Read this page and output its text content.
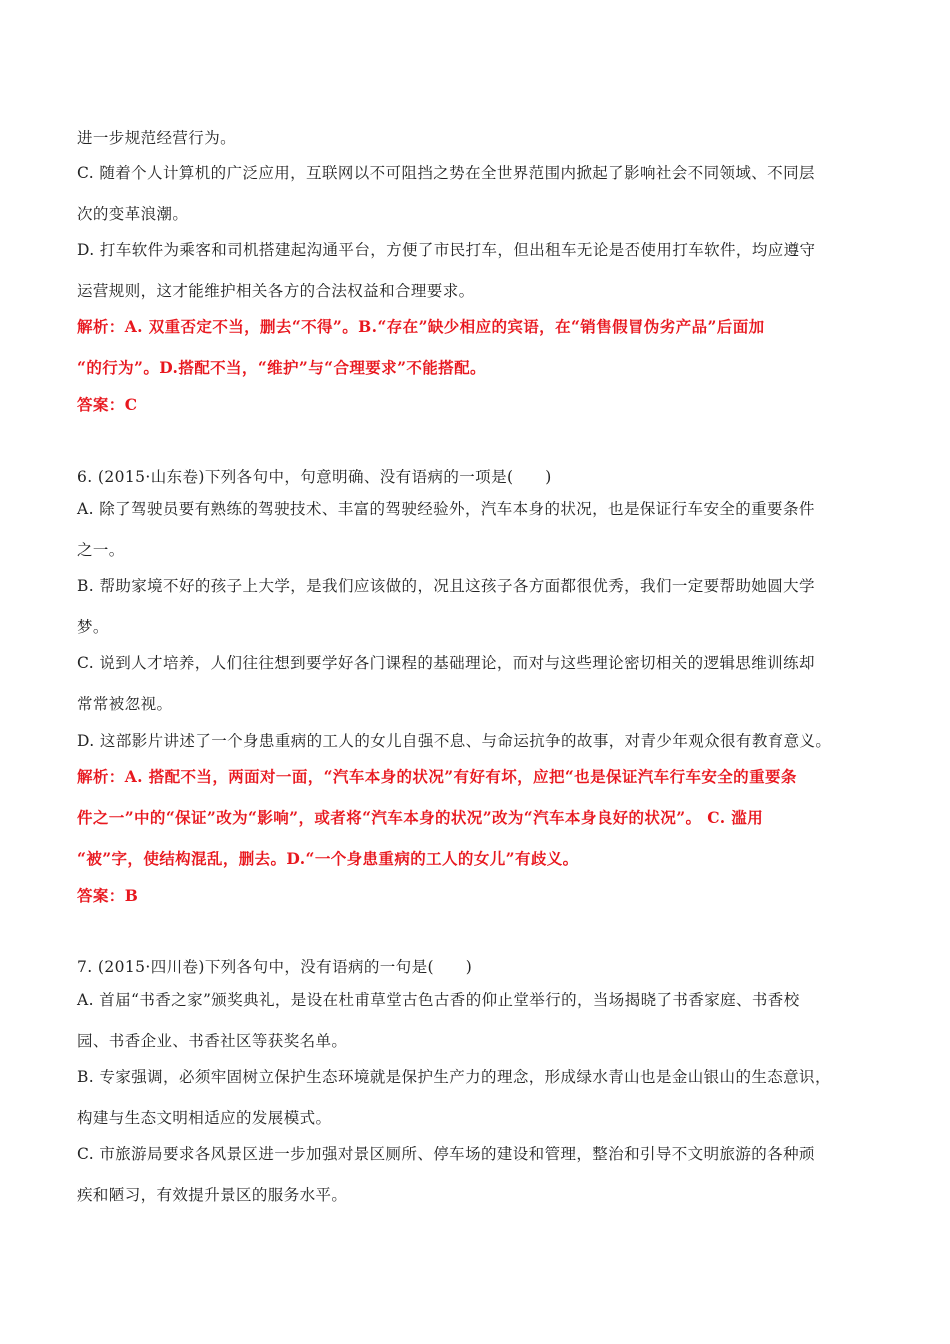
进一步规范经营行为。
C. 随着个人计算机的广泛应用，互联网以不可阻挡之势在全世界范围内掀起了影响社会不同领域、不同层
次的变革浪潮。
D. 打车软件为乘客和司机搭建起沟通平台，方便了市民打车，但出租车无论是否使用打车软件，均应遵守
运营规则，这才能维护相关各方的合法权益和合理要求。
解析：A. 双重否定不当，删去“不得”。B.“存在”缺少相应的宾语，在“销售假冒伪劣产品”后面加
“的行为”。D.搭配不当，“维护”与“合理要求”不能搭配。
答案：C
6. (2015·山东卷)下列各句中，句意明确、没有语病的一项是(　　)
A. 除了驾驶员要有熟练的驾驶技术、丰富的驾驶经验外，汽车本身的状况，也是保证行车安全的重要条件
之一。
B. 帮助家境不好的孩子上大学，是我们应该做的，况且这孩子各方面都很优秀，我们一定要帮助她圆大学
梦。
C. 说到人才培养，人们往往想到要学好各门课程的基础理论，而对与这些理论密切相关的逻辑思维训练却
常常被忽视。
D. 这部影片讲述了一个身患重病的工人的女儿自强不息、与命运抗争的故事，对青少年观众很有教育意义。
解析：A. 搭配不当，两面对一面，“汽车本身的状况”有好有坏，应把“也是保证汽车行车安全的重要条
件之一”中的“保证”改为“影响”，或者将“汽车本身的状况”改为“汽车本身良好的状况”。 C. 滥用
“被”字，使结构混乱，删去。D.“一个身患重病的工人的女儿”有歧义。
答案：B
7. (2015·四川卷)下列各句中，没有语病的一句是(　　)
A. 首届“书香之家”颁奖典礼，是设在杜甫草堂古色古香的仰止堂举行的，当场揭晓了书香家庭、书香校
园、书香企业、书香社区等获奖名单。
B. 专家强调，必须牢固树立保护生态环境就是保护生产力的理念，形成绿水青山也是金山银山的生态意识，
构建与生态文明相适应的发展模式。
C. 市旅游局要求各风景区进一步加强对景区厕所、停车场的建设和管理，整治和引导不文明旅游的各种顽
疾和陋习，有效提升景区的服务水平。
